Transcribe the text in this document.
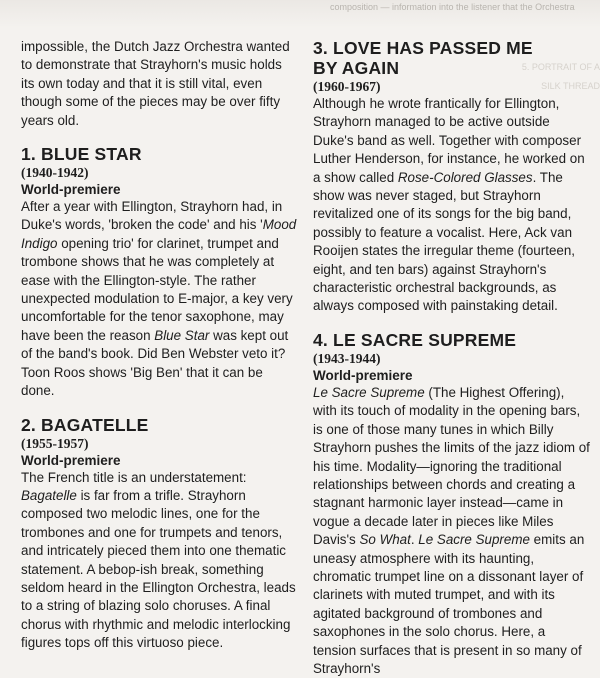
composition — information into the listener that the Orchestra
5. PORTRAIT OF A
SILK THREAD

impossible, the Dutch Jazz Orchestra wanted to demonstrate that Strayhorn's music holds its own today and that it is still vital, even though some of the pieces may be over fifty years old.

1. BLUE STAR
(1940-1942)
World-premiere

After a year with Ellington, Strayhorn had, in Duke's words, 'broken the code' and his 'Mood Indigo opening trio' for clarinet, trumpet and trombone shows that he was completely at ease with the Ellington-style. The rather unexpected modulation to E-major, a key very uncomfortable for the tenor saxophone, may have been the reason Blue Star was kept out of the band's book. Did Ben Webster veto it? Toon Roos shows 'Big Ben' that it can be done.

2. BAGATELLE
(1955-1957)
World-premiere

The French title is an understatement: Bagatelle is far from a trifle. Strayhorn composed two melodic lines, one for the trombones and one for trumpets and tenors, and intricately pieced them into one thematic statement. A bebop-ish break, something seldom heard in the Ellington Orchestra, leads to a string of blazing solo choruses. A final chorus with rhythmic and melodic interlocking figures tops off this virtuoso piece.

3. LOVE HAS PASSED ME
BY AGAIN
(1960-1967)

Although he wrote frantically for Ellington, Strayhorn managed to be active outside Duke's band as well. Together with composer Luther Henderson, for instance, he worked on a show called Rose-Colored Glasses. The show was never staged, but Strayhorn revitalized one of its songs for the big band, possibly to feature a vocalist. Here, Ack van Rooijen states the irregular theme (fourteen, eight, and ten bars) against Strayhorn's characteristic orchestral backgrounds, as always composed with painstaking detail.

4. LE SACRE SUPREME
(1943-1944)
World-premiere

Le Sacre Supreme (The Highest Offering), with its touch of modality in the opening bars, is one of those many tunes in which Billy Strayhorn pushes the limits of the jazz idiom of his time. Modality—ignoring the traditional relationships between chords and creating a stagnant harmonic layer instead—came in vogue a decade later in pieces like Miles Davis's So What. Le Sacre Supreme emits an uneasy atmosphere with its haunting, chromatic trumpet line on a dissonant layer of clarinets with muted trumpet, and with its agitated background of trombones and saxophones in the solo chorus. Here, a tension surfaces that is present in so many of Strayhorn's
